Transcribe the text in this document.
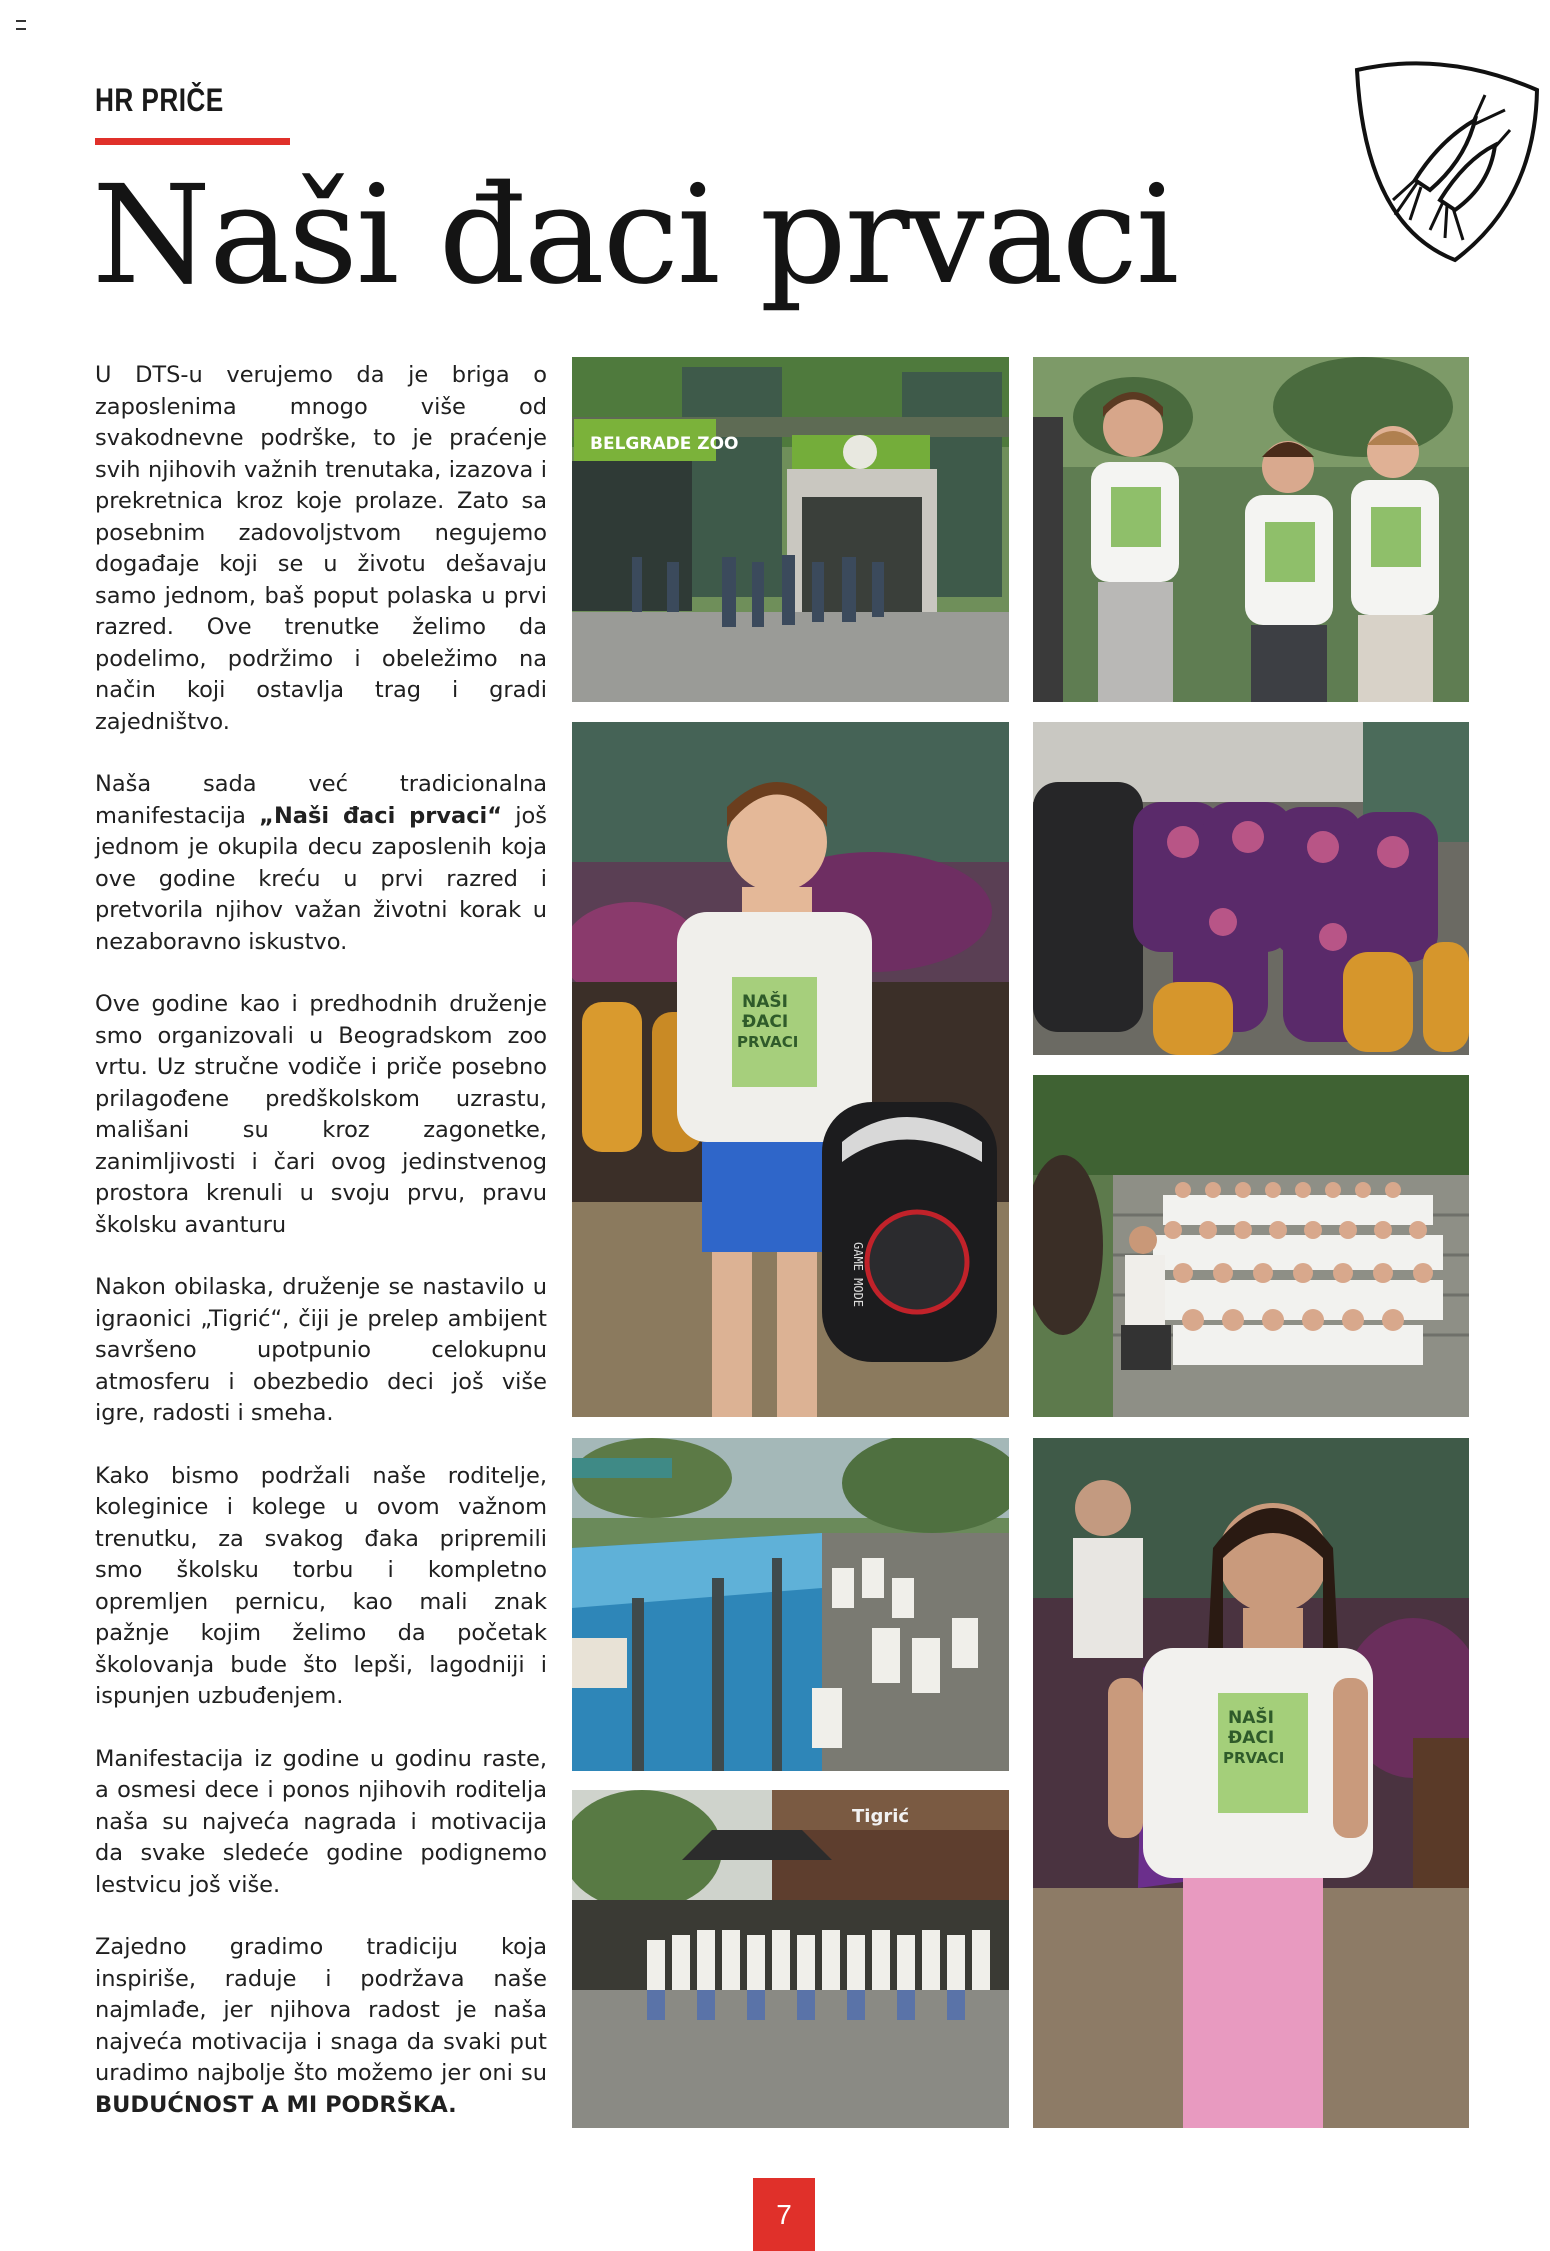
HR PRIČE
Naši đaci prvaci

U DTS-u verujemo da je briga o zaposlenima mnogo više od svakodnevne podrške, to je praćenje svih njihovih važnih trenutaka, izazova i prekretnica kroz koje prolaze. Zato sa posebnim zadovoljstvom negujemo događaje koji se u životu dešavaju samo jednom, baš poput polaska u prvi razred. Ove trenutke želimo da podelimo, podržimo i obeležimo na način koji ostavlja trag i gradi zajedništvo.

Naša sada već tradicionalna manifestacija „Naši đaci prvaci“ još jednom je okupila decu zaposlenih koja ove godine kreću u prvi razred i pretvorila njihov važan životni korak u nezaboravno iskustvo.

Ove godine kao i predhodnih druženje smo organizovali u Beogradskom zoo vrtu. Uz stručne vodiče i priče posebno prilagođene predškolskom uzrastu, mališani su kroz zagonetke, zanimljivosti i čari ovog jedinstvenog prostora krenuli u svoju prvu, pravu školsku avanturu

Nakon obilaska, druženje se nastavilo u igraonici „Tigrić“, čiji je prelep ambijent savršeno upotpunio celokupnu atmosferu i obezbedio deci još više igre, radosti i smeha.

Kako bismo podržali naše roditelje, koleginice i kolege u ovom važnom trenutku, za svakog đaka pripremili smo školsku torbu i kompletno opremljen pernicu, kao mali znak pažnje kojim želimo da početak školovanja bude što lepši, lagodniji i ispunjen uzbuđenjem.

Manifestacija iz godine u godinu raste, a osmesi dece i ponos njihovih roditelja naša su najveća nagrada i motivacija da svake sledeće godine podignemo lestvicu još više.

Zajedno gradimo tradiciju koja inspiriše, raduje i podržava naše najmlađe, jer njihova radost je naša najveća motivacija i snaga da svaki put uradimo najbolje što možemo jer oni su BUDUĆNOST A MI PODRŠKA.

BELGRADE ZOO
NAŠI
ĐACI
PRVACI
GAME MODE
NAŠI
ĐACI
PRVACI
Tigrić
7
